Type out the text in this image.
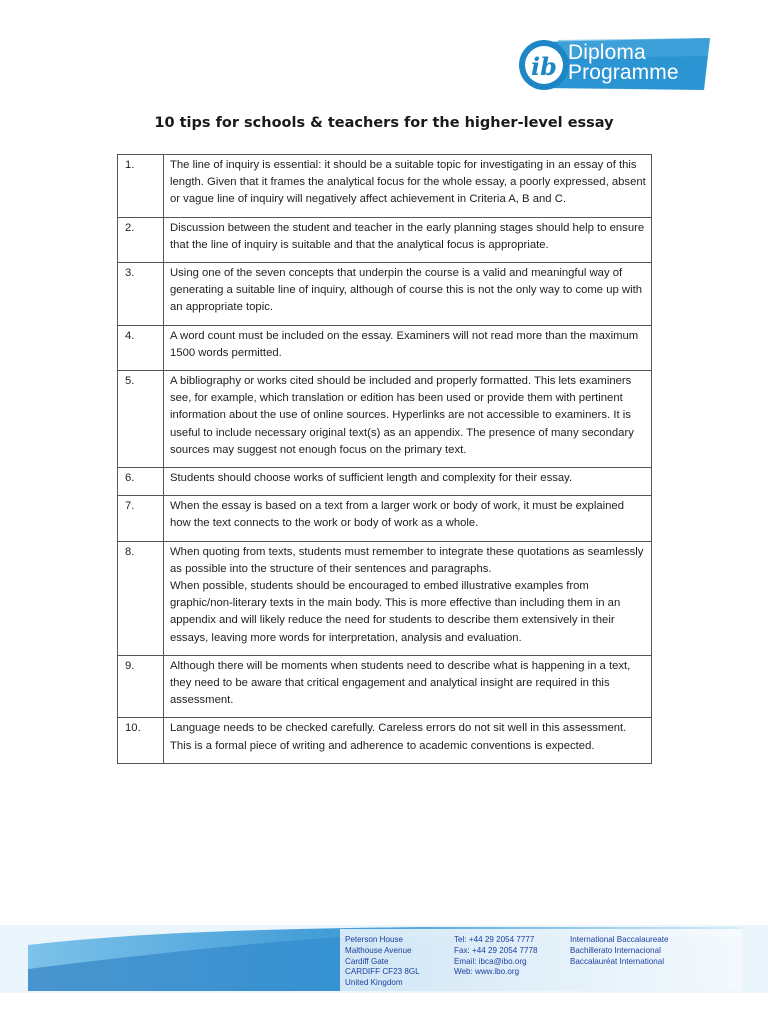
ib Diploma
Programme
10 tips for schools & teachers for the higher-level essay
1.	The line of inquiry is essential: it should be a suitable topic for investigating in an essay of this length. Given that it frames the analytical focus for the whole essay, a poorly expressed, absent or vague line of inquiry will negatively affect achievement in Criteria A, B and C.

2.	Discussion between the student and teacher in the early planning stages should help to ensure that the line of inquiry is suitable and that the analytical focus is appropriate.

3.	Using one of the seven concepts that underpin the course is a valid and meaningful way of generating a suitable line of inquiry, although of course this is not the only way to come up with an appropriate topic.

4.	A word count must be included on the essay. Examiners will not read more than the maximum 1500 words permitted.

5.	A bibliography or works cited should be included and properly formatted. This lets examiners see, for example, which translation or edition has been used or provide them with pertinent information about the use of online sources. Hyperlinks are not accessible to examiners. It is useful to include necessary original text(s) as an appendix. The presence of many secondary sources may suggest not enough focus on the primary text.

6.	Students should choose works of sufficient length and complexity for their essay.

7.	When the essay is based on a text from a larger work or body of work, it must be explained how the text connects to the work or body of work as a whole.

8.	When quoting from texts, students must remember to integrate these quotations as seamlessly as possible into the structure of their sentences and paragraphs.
When possible, students should be encouraged to embed illustrative examples from graphic/non-literary texts in the main body. This is more effective than including them in an appendix and will likely reduce the need for students to describe them extensively in their essays, leaving more words for interpretation, analysis and evaluation.

9.	Although there will be moments when students need to describe what is happening in a text, they need to be aware that critical engagement and analytical insight are required in this assessment.

10.	Language needs to be checked carefully. Careless errors do not sit well in this assessment. This is a formal piece of writing and adherence to academic conventions is expected.
Peterson House
Malthouse Avenue
Cardiff Gate
CARDIFF CF23 8GL
United Kingdom
Tel: +44 29 2054 7777
Fax: +44 29 2054 7778
Email: ibca@ibo.org
Web: www.ibo.org
International Baccalaureate
Bachillerato Internacional
Baccalauréat International
